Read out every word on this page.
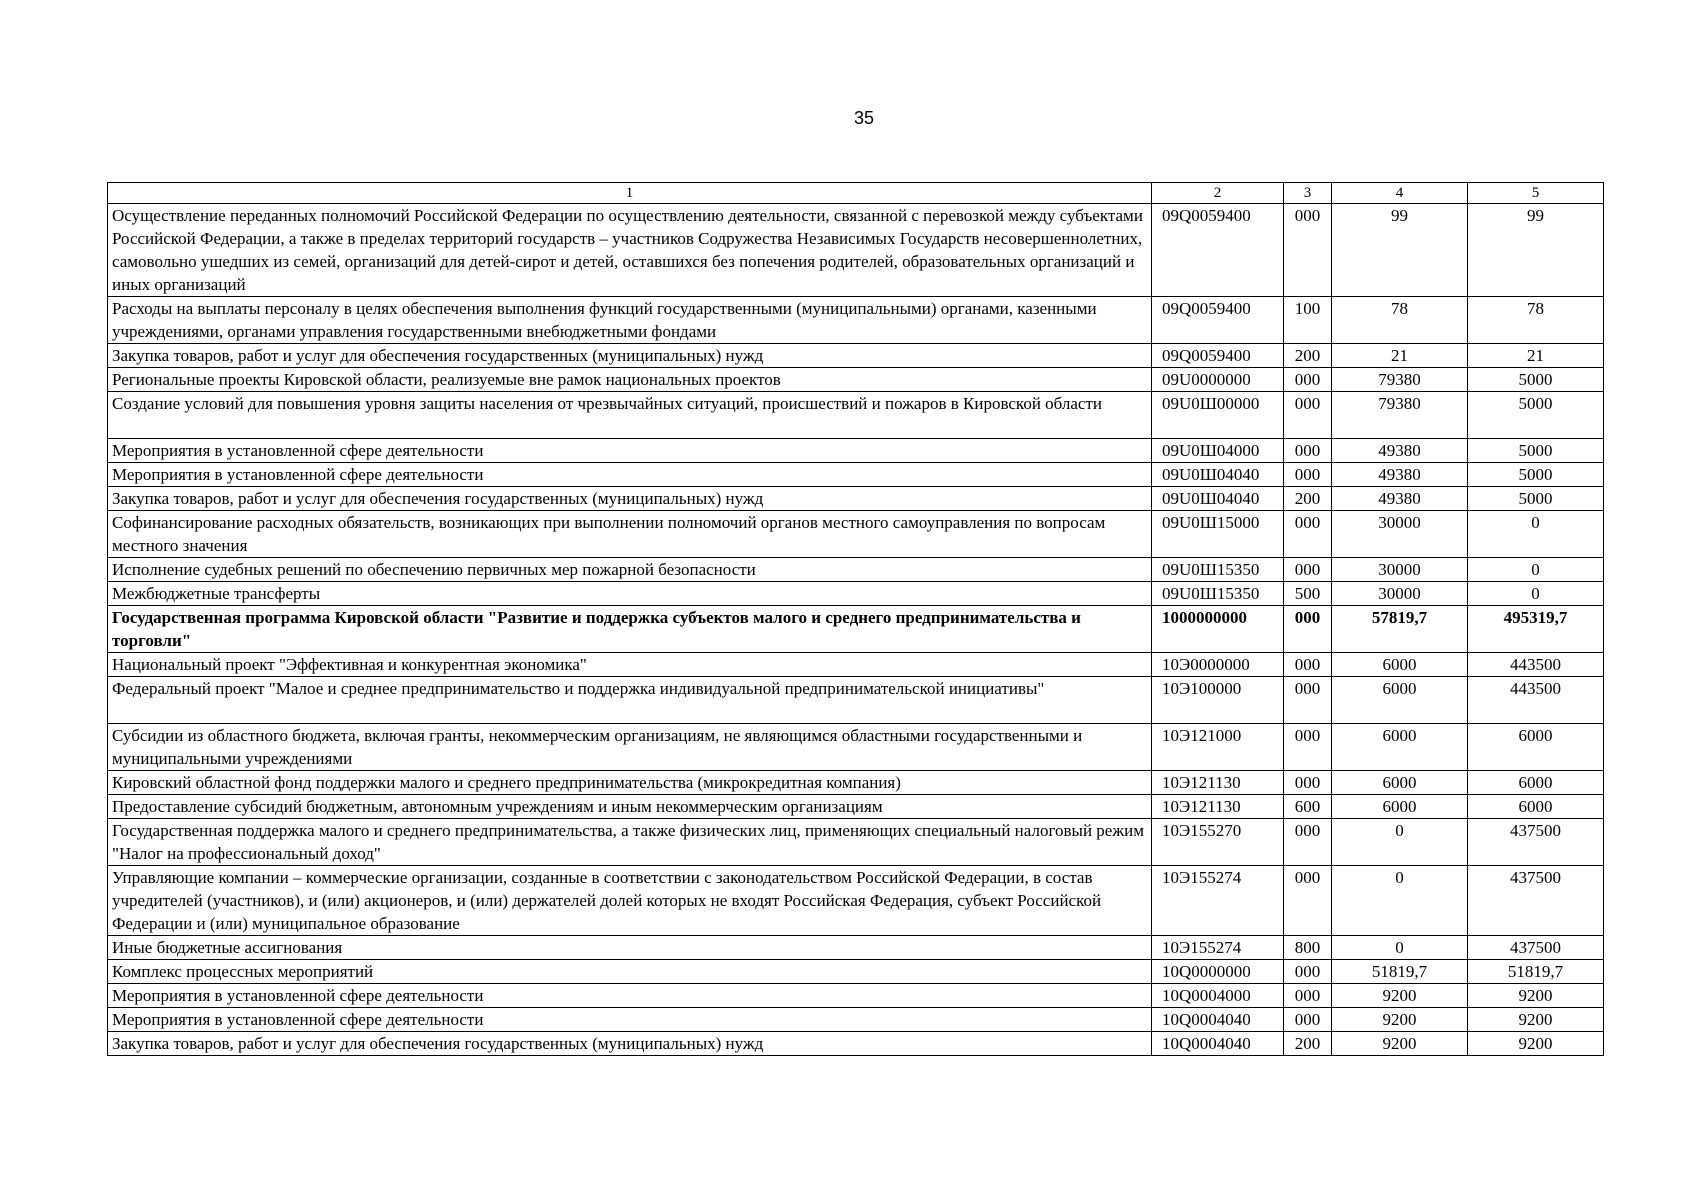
35
1	2	3	4	5
Осуществление переданных полномочий Российской Федерации по осуществлению деятельности, связанной с перевозкой между субъектами Российской Федерации, а также в пределах территорий государств – участников Содружества Независимых Государств несовершеннолетних, самовольно ушедших из семей, организаций для детей-сирот и детей, оставшихся без попечения родителей, образовательных организаций и иных организаций	09Q0059400	000	99	99
Расходы на выплаты персоналу в целях обеспечения выполнения функций государственными (муниципальными) органами, казенными учреждениями, органами управления государственными внебюджетными фондами	09Q0059400	100	78	78
Закупка товаров, работ и услуг для обеспечения государственных (муниципальных) нужд	09Q0059400	200	21	21
Региональные проекты Кировской области, реализуемые вне рамок национальных проектов	09U0000000	000	79380	5000
Создание условий для повышения уровня защиты населения от чрезвычайных ситуаций, происшествий и пожаров в Кировской области	09U0Ш00000	000	79380	5000
Мероприятия в установленной сфере деятельности	09U0Ш04000	000	49380	5000
Мероприятия в установленной сфере деятельности	09U0Ш04040	000	49380	5000
Закупка товаров, работ и услуг для обеспечения государственных (муниципальных) нужд	09U0Ш04040	200	49380	5000
Софинансирование расходных обязательств, возникающих при выполнении полномочий органов местного самоуправления по вопросам местного значения	09U0Ш15000	000	30000	0
Исполнение судебных решений по обеспечению первичных мер пожарной безопасности	09U0Ш15350	000	30000	0
Межбюджетные трансферты	09U0Ш15350	500	30000	0
Государственная программа Кировской области "Развитие и поддержка субъектов малого и среднего предпринимательства и торговли"	1000000000	000	57819,7	495319,7
Национальный проект "Эффективная и конкурентная экономика"	10Э0000000	000	6000	443500
Федеральный проект "Малое и среднее предпринимательство и поддержка индивидуальной предпринимательской инициативы"	10Э100000	000	6000	443500
Субсидии из областного бюджета, включая гранты, некоммерческим организациям, не являющимся областными государственными и муниципальными учреждениями	10Э121000	000	6000	6000
Кировский областной фонд поддержки малого и среднего предпринимательства (микрокредитная компания)	10Э121130	000	6000	6000
Предоставление субсидий бюджетным, автономным учреждениям и иным некоммерческим организациям	10Э121130	600	6000	6000
Государственная поддержка малого и среднего предпринимательства, а также физических лиц, применяющих специальный налоговый режим "Налог на профессиональный доход"	10Э155270	000	0	437500
Управляющие компании – коммерческие организации, созданные в соответствии с законодательством Российской Федерации, в состав учредителей (участников), и (или) акционеров, и (или) держателей долей которых не входят Российская Федерация, субъект Российской Федерации и (или) муниципальное образование	10Э155274	000	0	437500
Иные бюджетные ассигнования	10Э155274	800	0	437500
Комплекс процессных мероприятий	10Q0000000	000	51819,7	51819,7
Мероприятия в установленной сфере деятельности	10Q0004000	000	9200	9200
Мероприятия в установленной сфере деятельности	10Q0004040	000	9200	9200
Закупка товаров, работ и услуг для обеспечения государственных (муниципальных) нужд	10Q0004040	200	9200	9200
